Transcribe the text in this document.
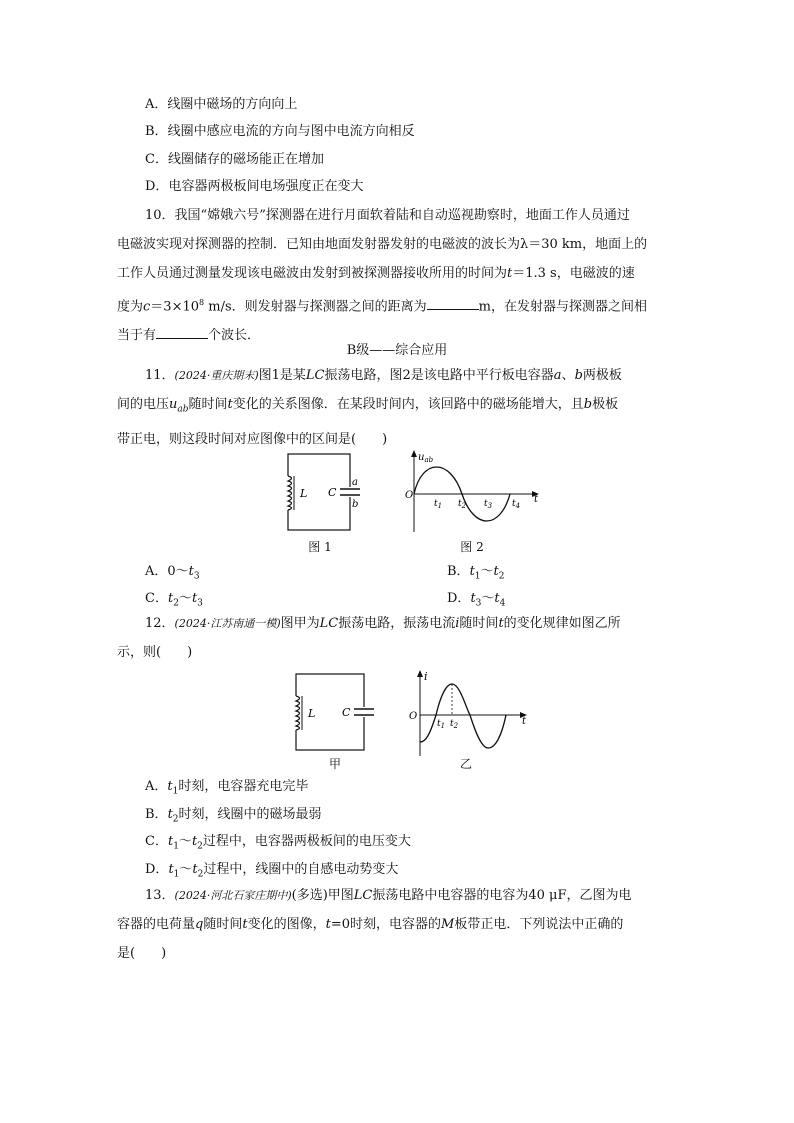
A．线圈中磁场的方向向上
B．线圈中感应电流的方向与图中电流方向相反
C．线圈储存的磁场能正在增加
D．电容器两极板间电场强度正在变大
10．我国“嫦娥六号”探测器在进行月面软着陆和自动巡视勘察时，地面工作人员通过
电磁波实现对探测器的控制．已知由地面发射器发射的电磁波的波长为λ＝30 km，地面上的
工作人员通过测量发现该电磁波由发射到被探测器接收所用的时间为t＝1.3 s，电磁波的速
度为$c=3\times 10^8$ m/s．则发射器与探测器之间的距离为	m，在发射器与探测器之间相
当于有	个波长．
B级——综合应用
11．(2024·重庆期末)图1是某LC振荡电路，图2是该电路中平行板电容器a、b两极板
间的电压$u_{ab}$随时间t变化的关系图像．在某段时间内，该回路中的磁场能增大，且b极板
带正电，则这段时间对应图像中的区间是(　　)
L C
a
b
图 1
$u_{ab}$
O	t
$t_1$ $t_2$ $t_3$ $t_4$
图 2
A．$0\sim t_3$	B．$t_1\sim t_2$
C．$t_2\sim t_3$	D．$t_3\sim t_4$
12．(2024·江苏南通一模)图甲为LC振荡电路，振荡电流i随时间t的变化规律如图乙所
示，则(　　)
L C
甲
i
O	t
$t_1$ $t_2$
乙
A．$t_1$时刻，电容器充电完毕
B．$t_2$时刻，线圈中的磁场最弱
C．$t_1\sim t_2$过程中，电容器两极板间的电压变大
D．$t_1\sim t_2$过程中，线圈中的自感电动势变大
13．(2024·河北石家庄期中)(多选)甲图LC振荡电路中电容器的电容为40 μF，乙图为电
容器的电荷量q随时间t变化的图像，t=0时刻，电容器的M板带正电．下列说法中正确的
是(　　)
